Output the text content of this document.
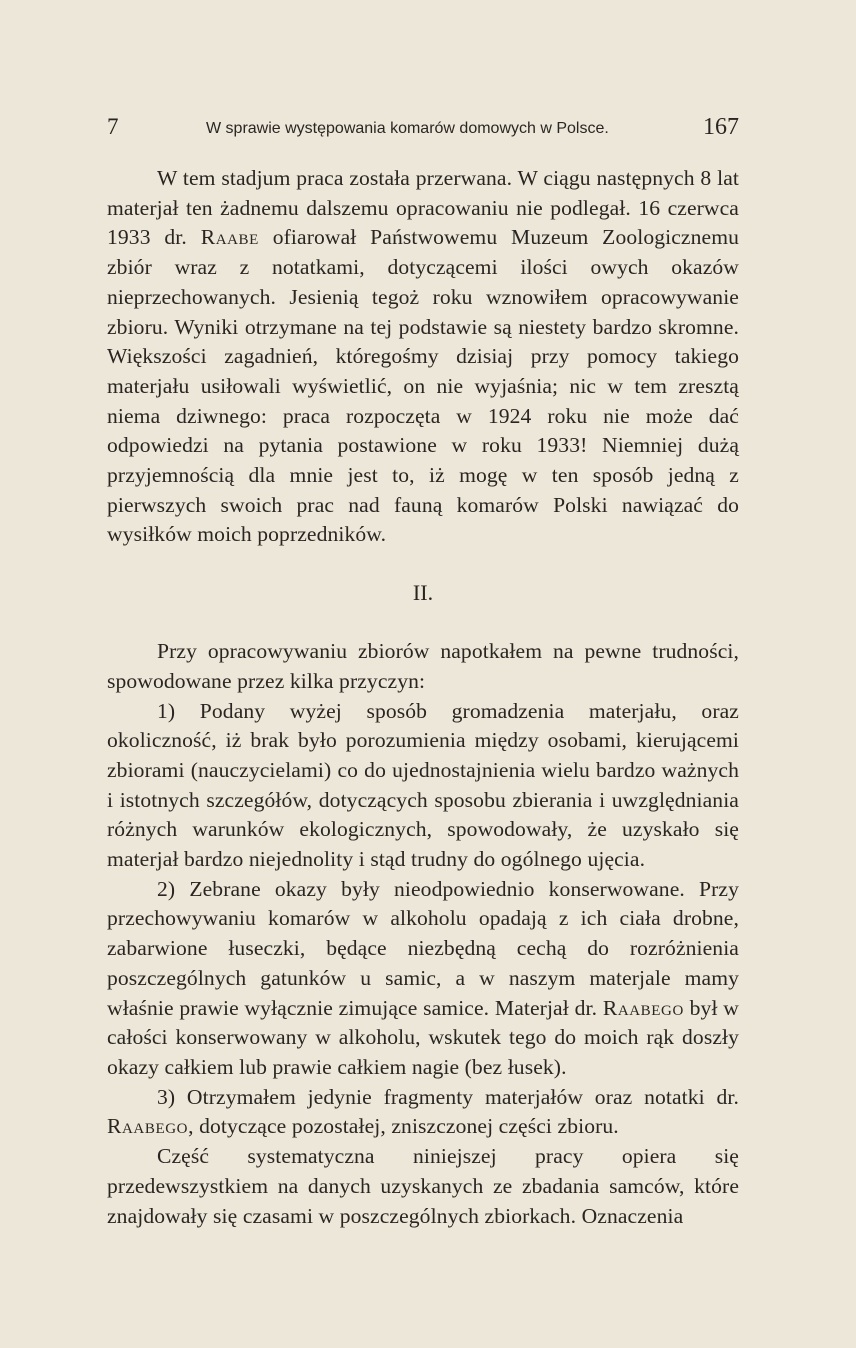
7	W sprawie występowania komarów domowych w Polsce.	167

W tem stadjum praca została przerwana. W ciągu następnych 8 lat materjał ten żadnemu dalszemu opracowaniu nie podlegał. 16 czerwca 1933 dr. Raabe ofiarował Państwowemu Muzeum Zoologicznemu zbiór wraz z notatkami, dotyczącemi ilości owych okazów nieprzechowanych. Jesienią tegoż roku wznowiłem opracowywanie zbioru. Wyniki otrzymane na tej podstawie są niestety bardzo skromne. Większości zagadnień, któregośmy dzisiaj przy pomocy takiego materjału usiłowali wyświetlić, on nie wyjaśnia; nic w tem zresztą niema dziwnego: praca rozpoczęta w 1924 roku nie może dać odpowiedzi na pytania postawione w roku 1933! Niemniej dużą przyjemnością dla mnie jest to, iż mogę w ten sposób jedną z pierwszych swoich prac nad fauną komarów Polski nawiązać do wysiłków moich poprzedników.

II.

Przy opracowywaniu zbiorów napotkałem na pewne trudności, spowodowane przez kilka przyczyn:

1) Podany wyżej sposób gromadzenia materjału, oraz okoliczność, iż brak było porozumienia między osobami, kierującemi zbiorami (nauczycielami) co do ujednostajnienia wielu bardzo ważnych i istotnych szczegółów, dotyczących sposobu zbierania i uwzględniania różnych warunków ekologicznych, spowodowały, że uzyskało się materjał bardzo niejednolity i stąd trudny do ogólnego ujęcia.

2) Zebrane okazy były nieodpowiednio konserwowane. Przy przechowywaniu komarów w alkoholu opadają z ich ciała drobne, zabarwione łuseczki, będące niezbędną cechą do rozróżnienia poszczególnych gatunków u samic, a w naszym materjale mamy właśnie prawie wyłącznie zimujące samice. Materjał dr. Raabego był w całości konserwowany w alkoholu, wskutek tego do moich rąk doszły okazy całkiem lub prawie całkiem nagie (bez łusek).

3) Otrzymałem jedynie fragmenty materjałów oraz notatki dr. Raabego, dotyczące pozostałej, zniszczonej części zbioru.

Część systematyczna niniejszej pracy opiera się przedewszystkiem na danych uzyskanych ze zbadania samców, które znajdowały się czasami w poszczególnych zbiorkach. Oznaczenia
